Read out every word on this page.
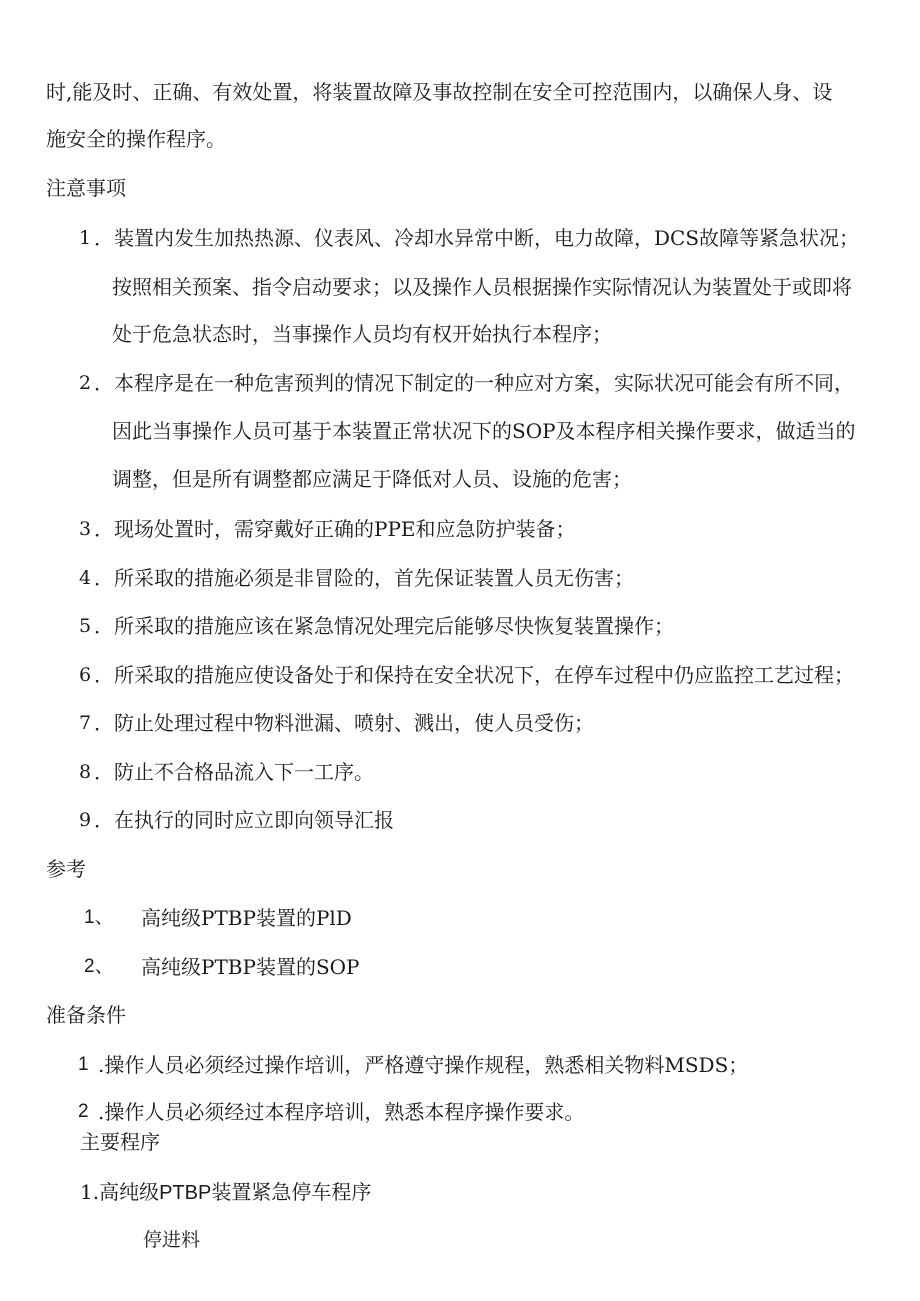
时,能及时、正确、有效处置，将装置故障及事故控制在安全可控范围内，以确保人身、设
施安全的操作程序。
注意事项
1 ．装置内发生加热热源、仪表风、冷却水异常中断，电力故障，DCS故障等紧急状况；
按照相关预案、指令启动要求；以及操作人员根据操作实际情况认为装置处于或即将
处于危急状态时，当事操作人员均有权开始执行本程序；
2 ．本程序是在一种危害预判的情况下制定的一种应对方案，实际状况可能会有所不同，
因此当事操作人员可基于本装置正常状况下的SOP及本程序相关操作要求，做适当的
调整，但是所有调整都应满足于降低对人员、设施的危害；
3 ．现场处置时，需穿戴好正确的PPE和应急防护装备；
4 ．所采取的措施必须是非冒险的，首先保证装置人员无伤害；
5 ．所采取的措施应该在紧急情况处理完后能够尽快恢复装置操作；
6 ．所采取的措施应使设备处于和保持在安全状况下，在停车过程中仍应监控工艺过程；
7 ．防止处理过程中物料泄漏、喷射、溅出，使人员受伤；
8 ．防止不合格品流入下一工序。
9 ．在执行的同时应立即向领导汇报
参考
1、 高纯级PTBP装置的PlD
2、 高纯级PTBP装置的SOP
准备条件
1 .操作人员必须经过操作培训，严格遵守操作规程，熟悉相关物料MSDS；
2 .操作人员必须经过本程序培训，熟悉本程序操作要求。
主要程序
1.高纯级PTBP装置紧急停车程序
停进料
